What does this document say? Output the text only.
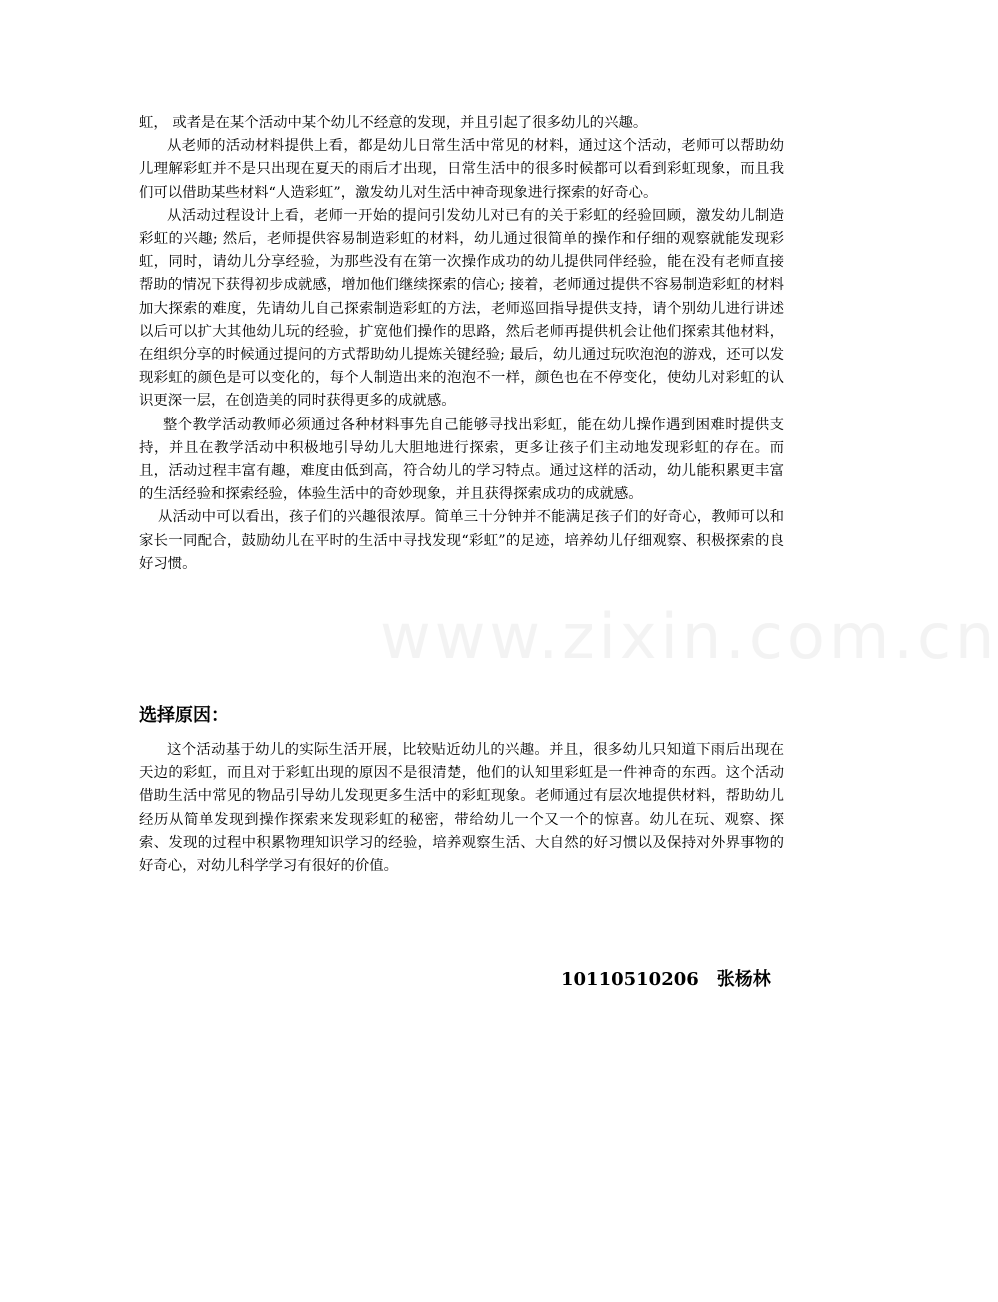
www.zixin.com.cn

虹， 或者是在某个活动中某个幼儿不经意的发现，并且引起了很多幼儿的兴趣。

从老师的活动材料提供上看，都是幼儿日常生活中常见的材料，通过这个活动，老师可以帮助幼儿理解彩虹并不是只出现在夏天的雨后才出现，日常生活中的很多时候都可以看到彩虹现象，而且我们可以借助某些材料“人造彩虹”，激发幼儿对生活中神奇现象进行探索的好奇心。

从活动过程设计上看，老师一开始的提问引发幼儿对已有的关于彩虹的经验回顾，激发幼儿制造彩虹的兴趣; 然后，老师提供容易制造彩虹的材料，幼儿通过很简单的操作和仔细的观察就能发现彩虹，同时，请幼儿分享经验，为那些没有在第一次操作成功的幼儿提供同伴经验，能在没有老师直接帮助的情况下获得初步成就感，增加他们继续探索的信心; 接着，老师通过提供不容易制造彩虹的材料加大探索的难度，先请幼儿自己探索制造彩虹的方法，老师巡回指导提供支持，请个别幼儿进行讲述以后可以扩大其他幼儿玩的经验，扩宽他们操作的思路，然后老师再提供机会让他们探索其他材料，在组织分享的时候通过提问的方式帮助幼儿提炼关键经验; 最后，幼儿通过玩吹泡泡的游戏，还可以发现彩虹的颜色是可以变化的，每个人制造出来的泡泡不一样，颜色也在不停变化，使幼儿对彩虹的认识更深一层，在创造美的同时获得更多的成就感。

整个教学活动教师必须通过各种材料事先自己能够寻找出彩虹，能在幼儿操作遇到困难时提供支持，并且在教学活动中积极地引导幼儿大胆地进行探索，更多让孩子们主动地发现彩虹的存在。而且，活动过程丰富有趣，难度由低到高，符合幼儿的学习特点。通过这样的活动，幼儿能积累更丰富的生活经验和探索经验，体验生活中的奇妙现象，并且获得探索成功的成就感。

从活动中可以看出，孩子们的兴趣很浓厚。简单三十分钟并不能满足孩子们的好奇心，教师可以和家长一同配合，鼓励幼儿在平时的生活中寻找发现“彩虹”的足迹，培养幼儿仔细观察、积极探索的良好习惯。

选择原因：

这个活动基于幼儿的实际生活开展，比较贴近幼儿的兴趣。并且，很多幼儿只知道下雨后出现在天边的彩虹，而且对于彩虹出现的原因不是很清楚，他们的认知里彩虹是一件神奇的东西。这个活动借助生活中常见的物品引导幼儿发现更多生活中的彩虹现象。老师通过有层次地提供材料，帮助幼儿经历从简单发现到操作探索来发现彩虹的秘密，带给幼儿一个又一个的惊喜。幼儿在玩、观察、探索、发现的过程中积累物理知识学习的经验，培养观察生活、大自然的好习惯以及保持对外界事物的好奇心，对幼儿科学学习有很好的价值。

10110510206 张杨林
